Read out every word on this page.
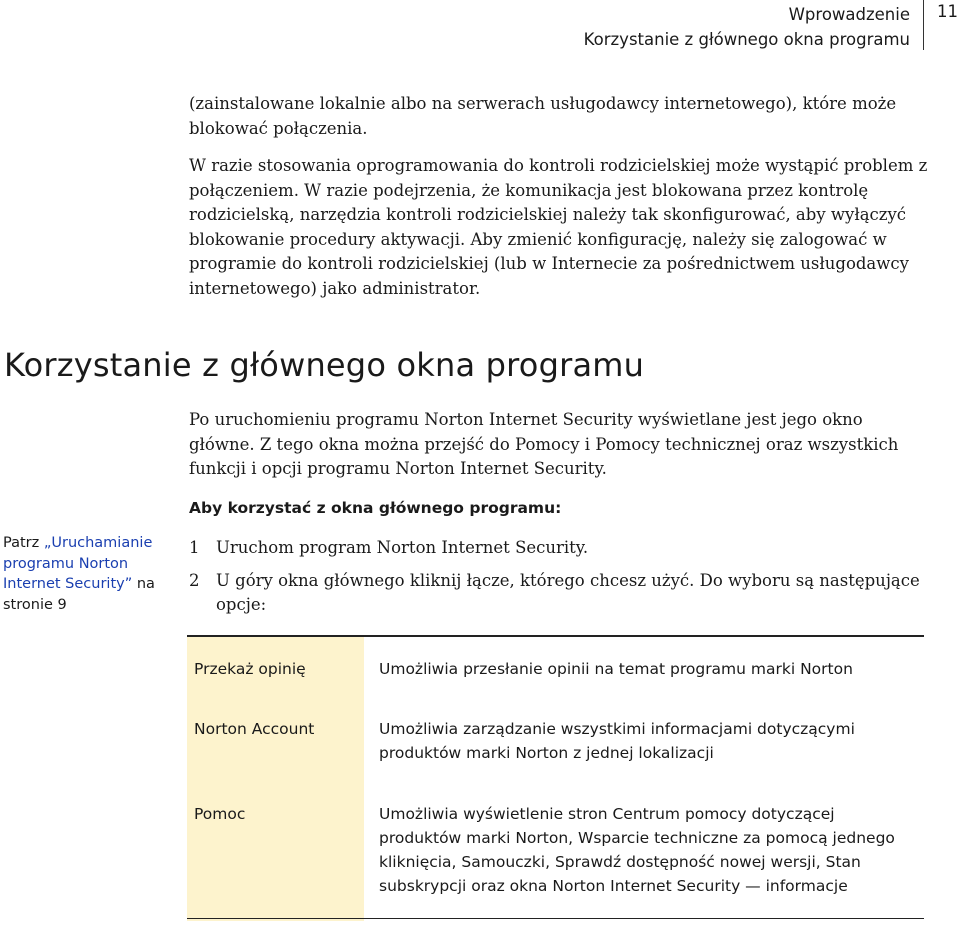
Wprowadzenie
Korzystanie z głównego okna programu
11

(zainstalowane lokalnie albo na serwerach usługodawcy internetowego), które może blokować połączenia.

W razie stosowania oprogramowania do kontroli rodzicielskiej może wystąpić problem z połączeniem. W razie podejrzenia, że komunikacja jest blokowana przez kontrolę rodzicielską, narzędzia kontroli rodzicielskiej należy tak skonfigurować, aby wyłączyć blokowanie procedury aktywacji. Aby zmienić konfigurację, należy się zalogować w programie do kontroli rodzicielskiej (lub w Internecie za pośrednictwem usługodawcy internetowego) jako administrator.

Korzystanie z głównego okna programu

Po uruchomieniu programu Norton Internet Security wyświetlane jest jego okno główne. Z tego okna można przejść do Pomocy i Pomocy technicznej oraz wszystkich funkcji i opcji programu Norton Internet Security.

Aby korzystać z okna głównego programu:

Patrz „Uruchamianie programu Norton Internet Security” na stronie 9
1 Uruchom program Norton Internet Security.
2 U góry okna głównego kliknij łącze, którego chcesz użyć. Do wyboru są następujące opcje:
Przekaż opinię	Umożliwia przesłanie opinii na temat programu marki Norton
Norton Account	Umożliwia zarządzanie wszystkimi informacjami dotyczącymi produktów marki Norton z jednej lokalizacji
Pomoc	Umożliwia wyświetlenie stron Centrum pomocy dotyczącej produktów marki Norton, Wsparcie techniczne za pomocą jednego kliknięcia, Samouczki, Sprawdź dostępność nowej wersji, Stan subskrypcji oraz okna Norton Internet Security — informacje
